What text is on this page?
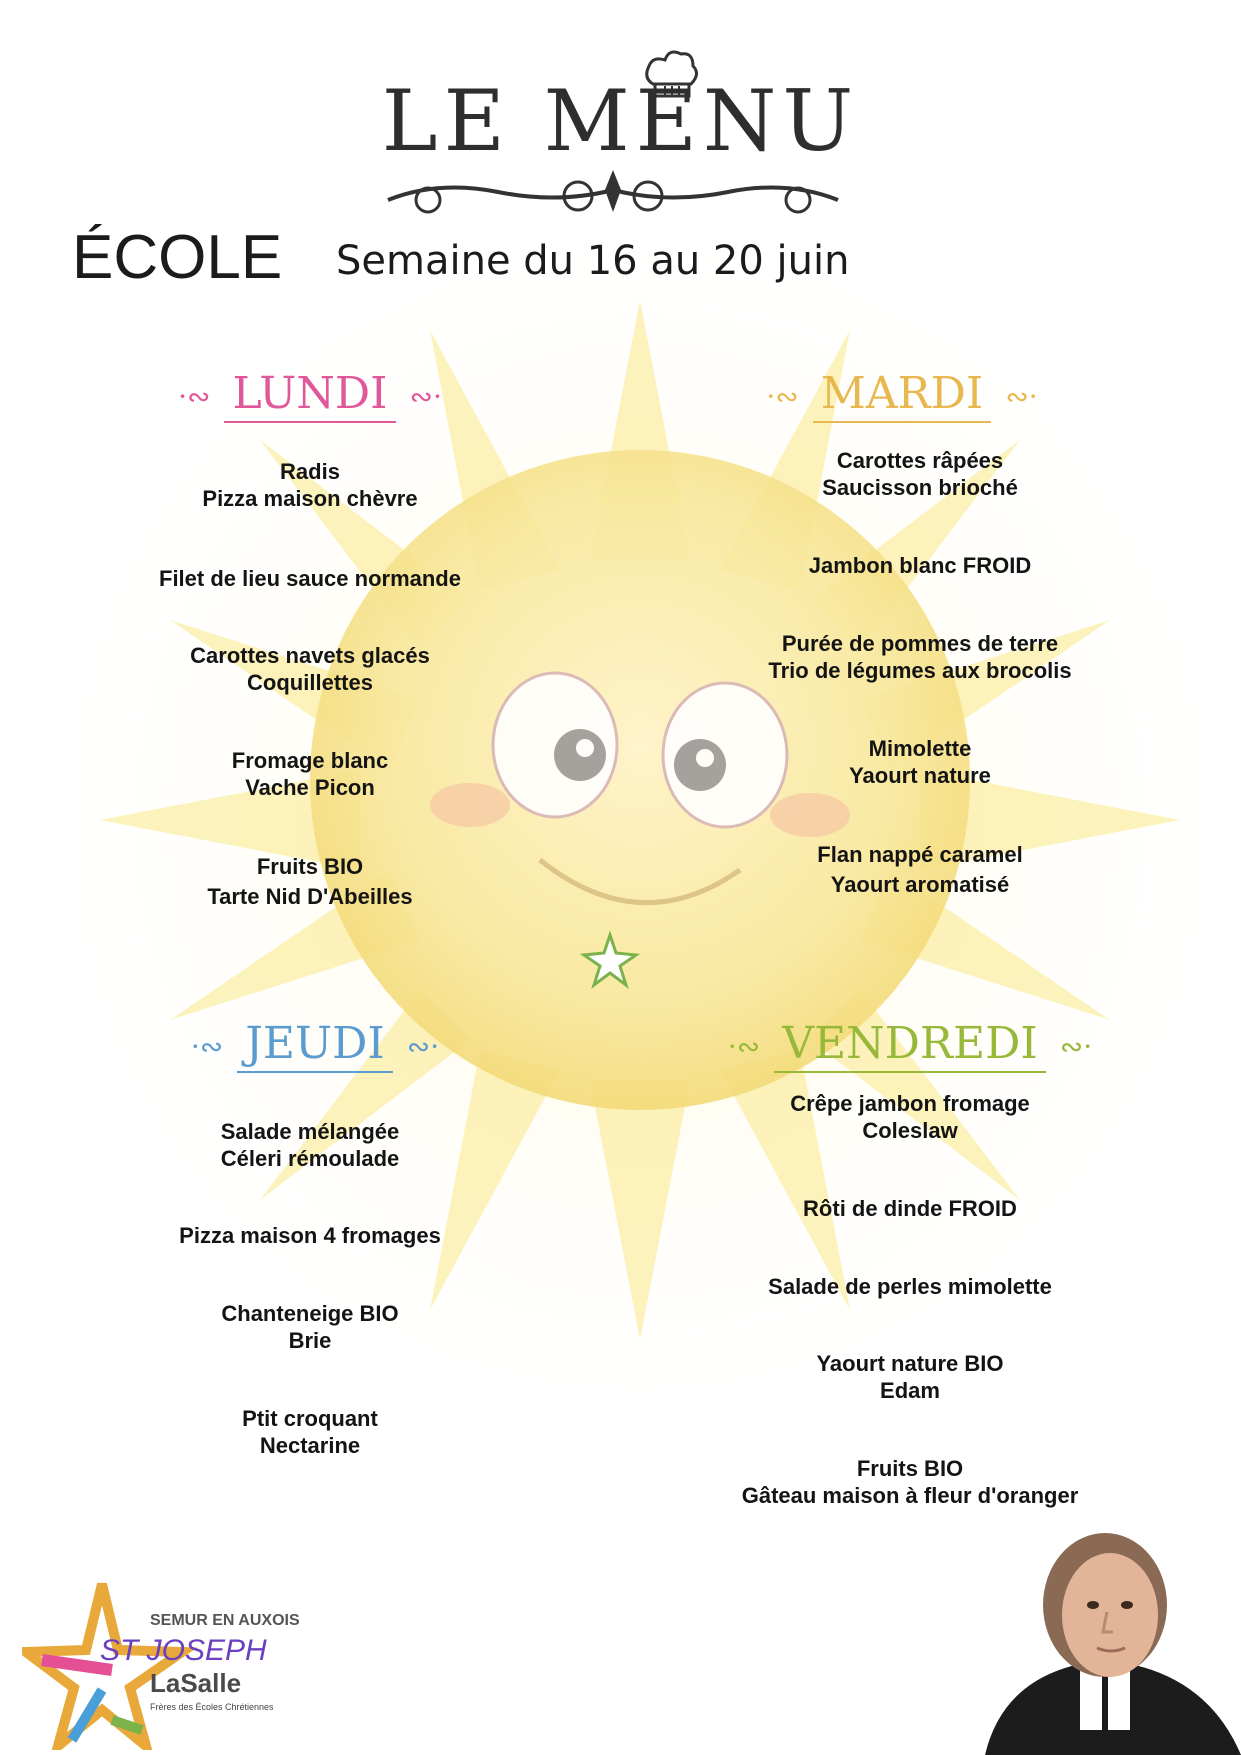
LE MENU
ÉCOLE Semaine du 16 au 20 juin
·∾ LUNDI ∾·
Radis
Pizza maison chèvre
Filet de lieu sauce normande
Carottes navets glacés
Coquillettes
Fromage blanc
Vache Picon
Fruits BIO
Tarte Nid D'Abeilles
·∾ MARDI ∾·
Carottes râpées
Saucisson brioché
Jambon blanc FROID
Purée de pommes de terre
Trio de légumes aux brocolis
Mimolette
Yaourt nature
Flan nappé caramel
Yaourt aromatisé
·∾ JEUDI ∾·
Salade mélangée
Céleri rémoulade
Pizza maison 4 fromages
Chanteneige BIO
Brie
Ptit croquant
Nectarine
·∾ VENDREDI ∾·
Crêpe jambon fromage
Coleslaw
Rôti de dinde FROID
Salade de perles mimolette
Yaourt nature BIO
Edam
Fruits BIO
Gâteau maison à fleur d'oranger
SEMUR EN AUXOIS
ST JOSEPH
LaSalle
Frères des Écoles Chrétiennes
